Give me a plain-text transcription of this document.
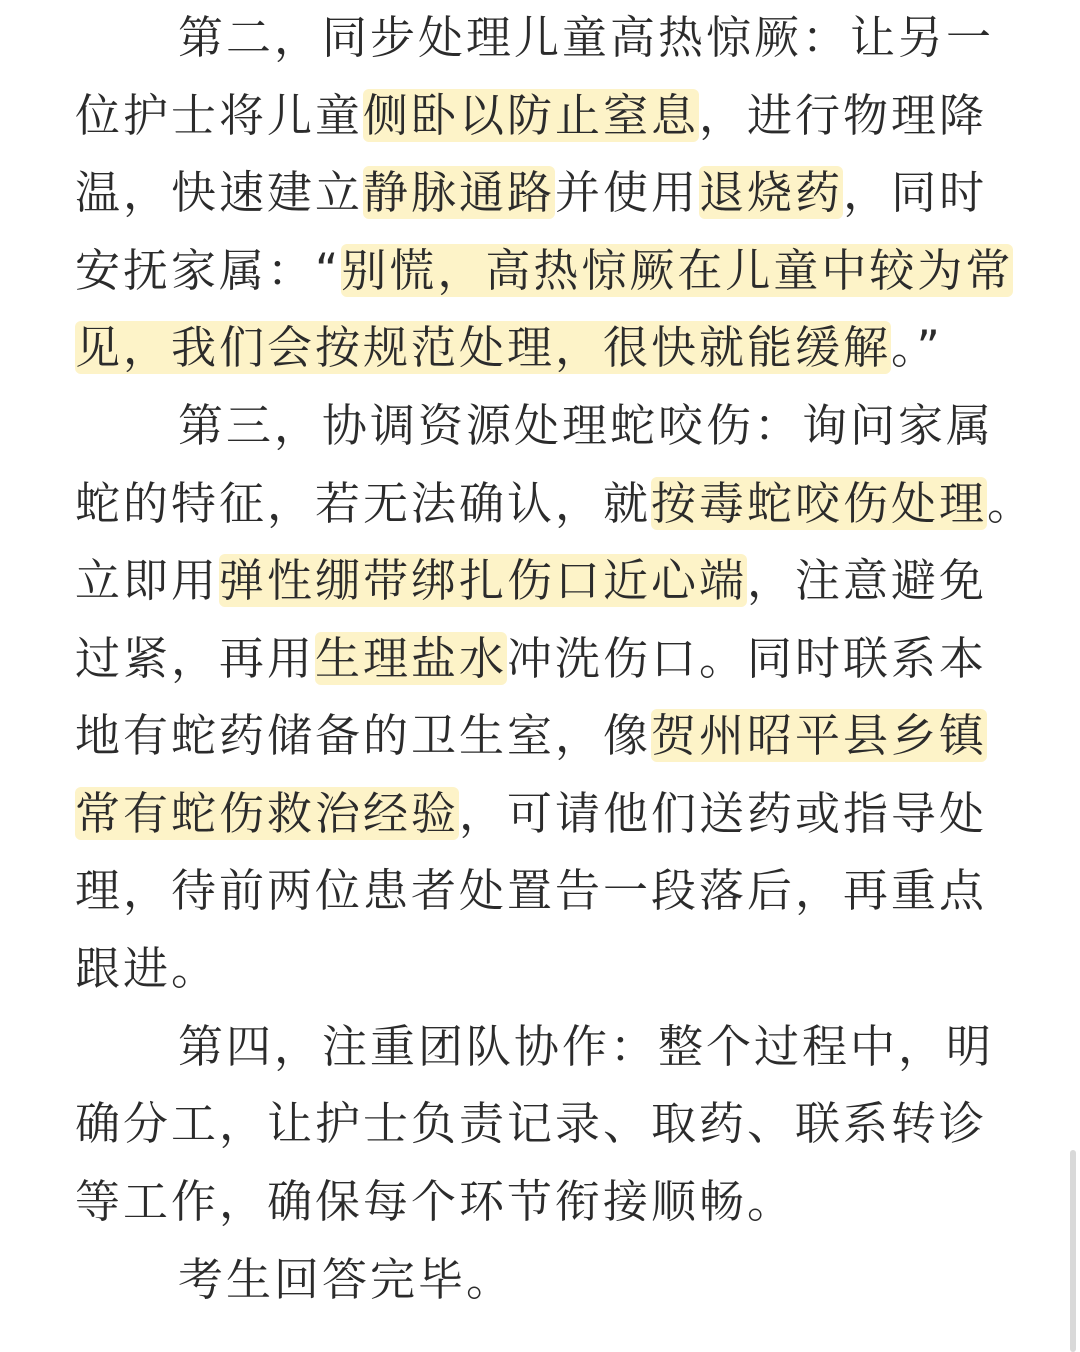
第二，同步处理儿童高热惊厥：让另一
位护士将儿童侧卧以防止窒息，进行物理降
温，快速建立静脉通路并使用退烧药，同时
安抚家属：“别慌，高热惊厥在儿童中较为常
见，我们会按规范处理，很快就能缓解。”
第三，协调资源处理蛇咬伤：询问家属
蛇的特征，若无法确认，就按毒蛇咬伤处理。
立即用弹性绷带绑扎伤口近心端，注意避免
过紧，再用生理盐水冲洗伤口。同时联系本
地有蛇药储备的卫生室，像贺州昭平县乡镇
常有蛇伤救治经验，可请他们送药或指导处
理，待前两位患者处置告一段落后，再重点
跟进。
第四，注重团队协作：整个过程中，明
确分工，让护士负责记录、取药、联系转诊
等工作，确保每个环节衔接顺畅。
考生回答完毕。
